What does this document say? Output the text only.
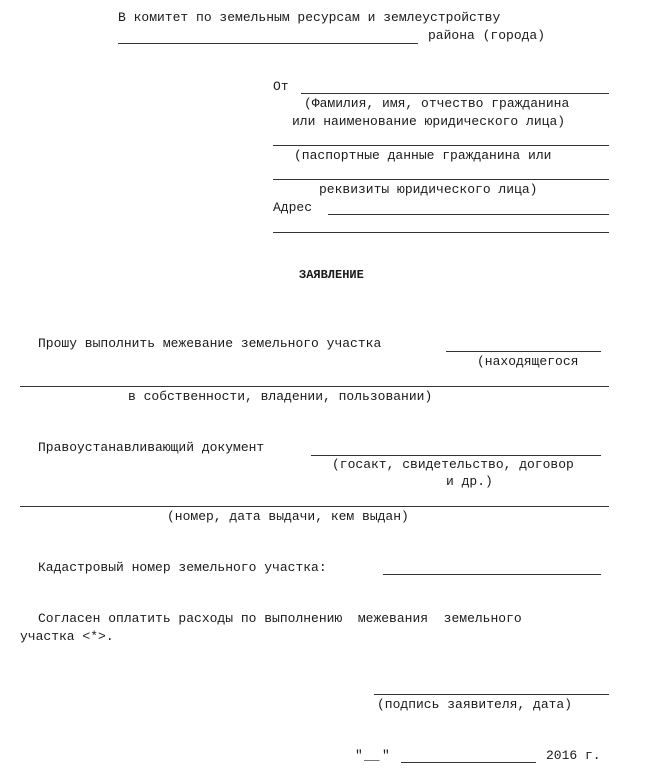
В комитет по земельным ресурсам и землеустройству
района (города)
От
(Фамилия, имя, отчество гражданина
или наименование юридического лица)
(паспортные данные гражданина или
реквизиты юридического лица)
Адрес
ЗАЯВЛЕНИЕ
Прошу выполнить межевание земельного участка
(находящегося
в собственности, владении, пользовании)
Правоустанавливающий документ
(госакт, свидетельство, договор
и др.)
(номер, дата выдачи, кем выдан)
Кадастровый номер земельного участка:
Согласен оплатить расходы по выполнению  межевания  земельного
участка <*>.
(подпись заявителя, дата)
" __ "	2016 г.
